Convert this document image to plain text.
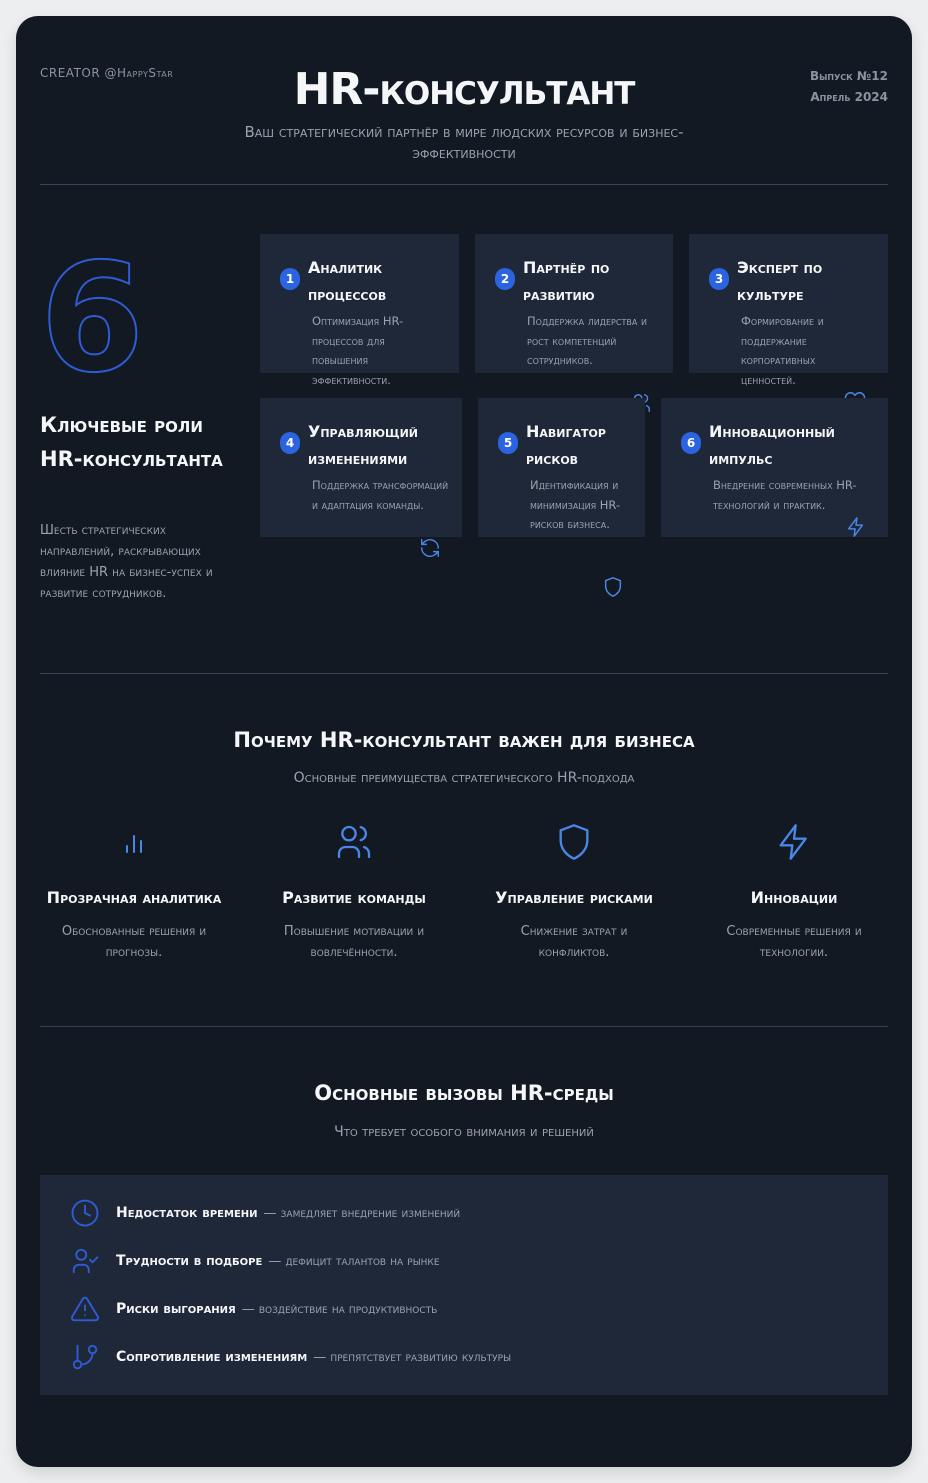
CREATOR @HappyStar	Выпуск №12
Апрель 2024
HR-консультант
Ваш стратегический партнёр в мире людских ресурсов и бизнес-эффективности
6
Ключевые роли HR-консультанта
Шесть стратегических направлений, раскрывающих влияние HR на бизнес-успех и развитие сотрудников.
1
Аналитик
процессов
Оптимизация HR-процессов для повышения эффективности.
2
Партнёр по
развитию
Поддержка лидерства и рост компетенций сотрудников.
3
Эксперт по
культуре
Формирование и поддержание корпоративных ценностей.
4
Управляющий
изменениями
Поддержка трансформаций и адаптация команды.
5
Навигатор
рисков
Идентификация и минимизация HR-рисков бизнеса.
6
Инновационный
импульс
Внедрение современных HR-технологий и практик.
Почему HR-консультант важен для бизнеса
Основные преимущества стратегического HR-подхода
Прозрачная аналитика
Обоснованные решения и прогнозы.
Развитие команды
Повышение мотивации и вовлечённости.
Управление рисками
Снижение затрат и конфликтов.
Инновации
Современные решения и технологии.
Основные вызовы HR-среды
Что требует особого внимания и решений
Недостаток времени — замедляет внедрение изменений
Трудности в подборе — дефицит талантов на рынке
Риски выгорания — воздействие на продуктивность
Сопротивление изменениям — препятствует развитию культуры
